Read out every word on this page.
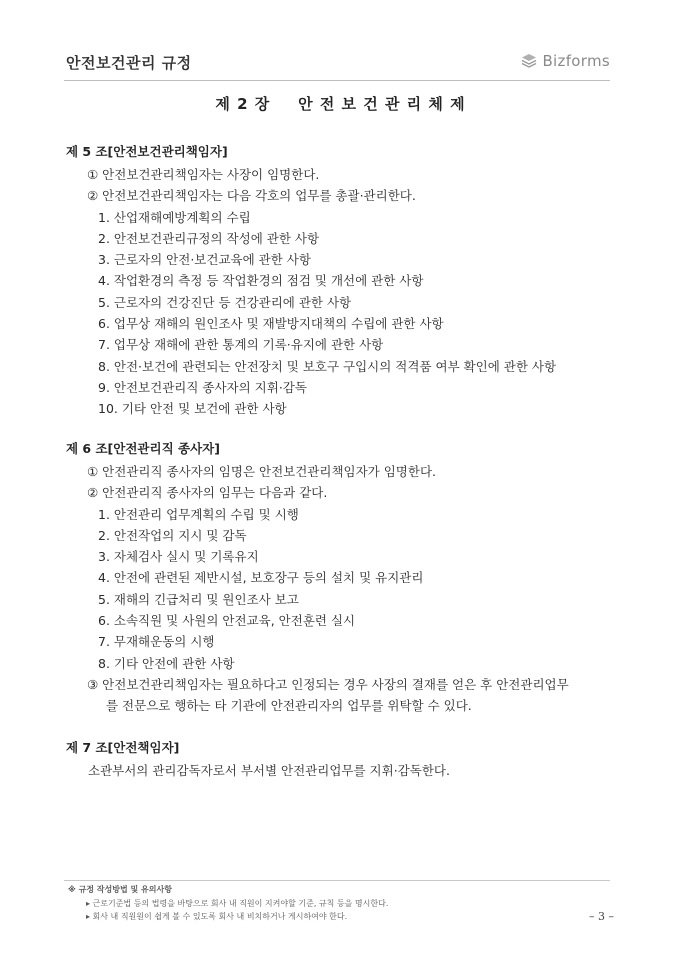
안전보건관리 규정	Bizforms
제 2 장    안 전 보 건 관 리 체 제
제 5 조[안전보건관리책임자]
① 안전보건관리책임자는 사장이 임명한다.
② 안전보건관리책임자는 다음 각호의 업무를 총괄·관리한다.
1. 산업재해예방계획의 수립
2. 안전보건관리규정의 작성에 관한 사항
3. 근로자의 안전·보건교육에 관한 사항
4. 작업환경의 측정 등 작업환경의 점검 및 개선에 관한 사항
5. 근로자의 건강진단 등 건강관리에 관한 사항
6. 업무상 재해의 원인조사 및 재발방지대책의 수립에 관한 사항
7. 업무상 재해에 관한 통계의 기록·유지에 관한 사항
8. 안전·보건에 관련되는 안전장치 및 보호구 구입시의 적격품 여부 확인에 관한 사항
9. 안전보건관리직 종사자의 지휘·감독
10. 기타 안전 및 보건에 관한 사항
제 6 조[안전관리직 종사자]
① 안전관리직 종사자의 임명은 안전보건관리책임자가 임명한다.
② 안전관리직 종사자의 임무는 다음과 같다.
1. 안전관리 업무계획의 수립 및 시행
2. 안전작업의 지시 및 감독
3. 자체검사 실시 및 기록유지
4. 안전에 관련된 제반시설, 보호장구 등의 설치 및 유지관리
5. 재해의 긴급처리 및 원인조사 보고
6. 소속직원 및 사원의 안전교육, 안전훈련 실시
7. 무재해운동의 시행
8. 기타 안전에 관한 사항
③ 안전보건관리책임자는 필요하다고 인정되는 경우 사장의 결재를 얻은 후 안전관리업무
를 전문으로 행하는 타 기관에 안전관리자의 업무를 위탁할 수 있다.
제 7 조[안전책임자]
소관부서의 관리감독자로서 부서별 안전관리업무를 지휘·감독한다.
※ 규정 작성방법 및 유의사항
▸ 근로기준법 등의 법령을 바탕으로 회사 내 직원이 지켜야할 기준, 규칙 등을 명시한다.
▸ 회사 내 직원원이 쉽게 볼 수 있도록 회사 내 비치하거나 게시하여야 한다.	– 3 –
